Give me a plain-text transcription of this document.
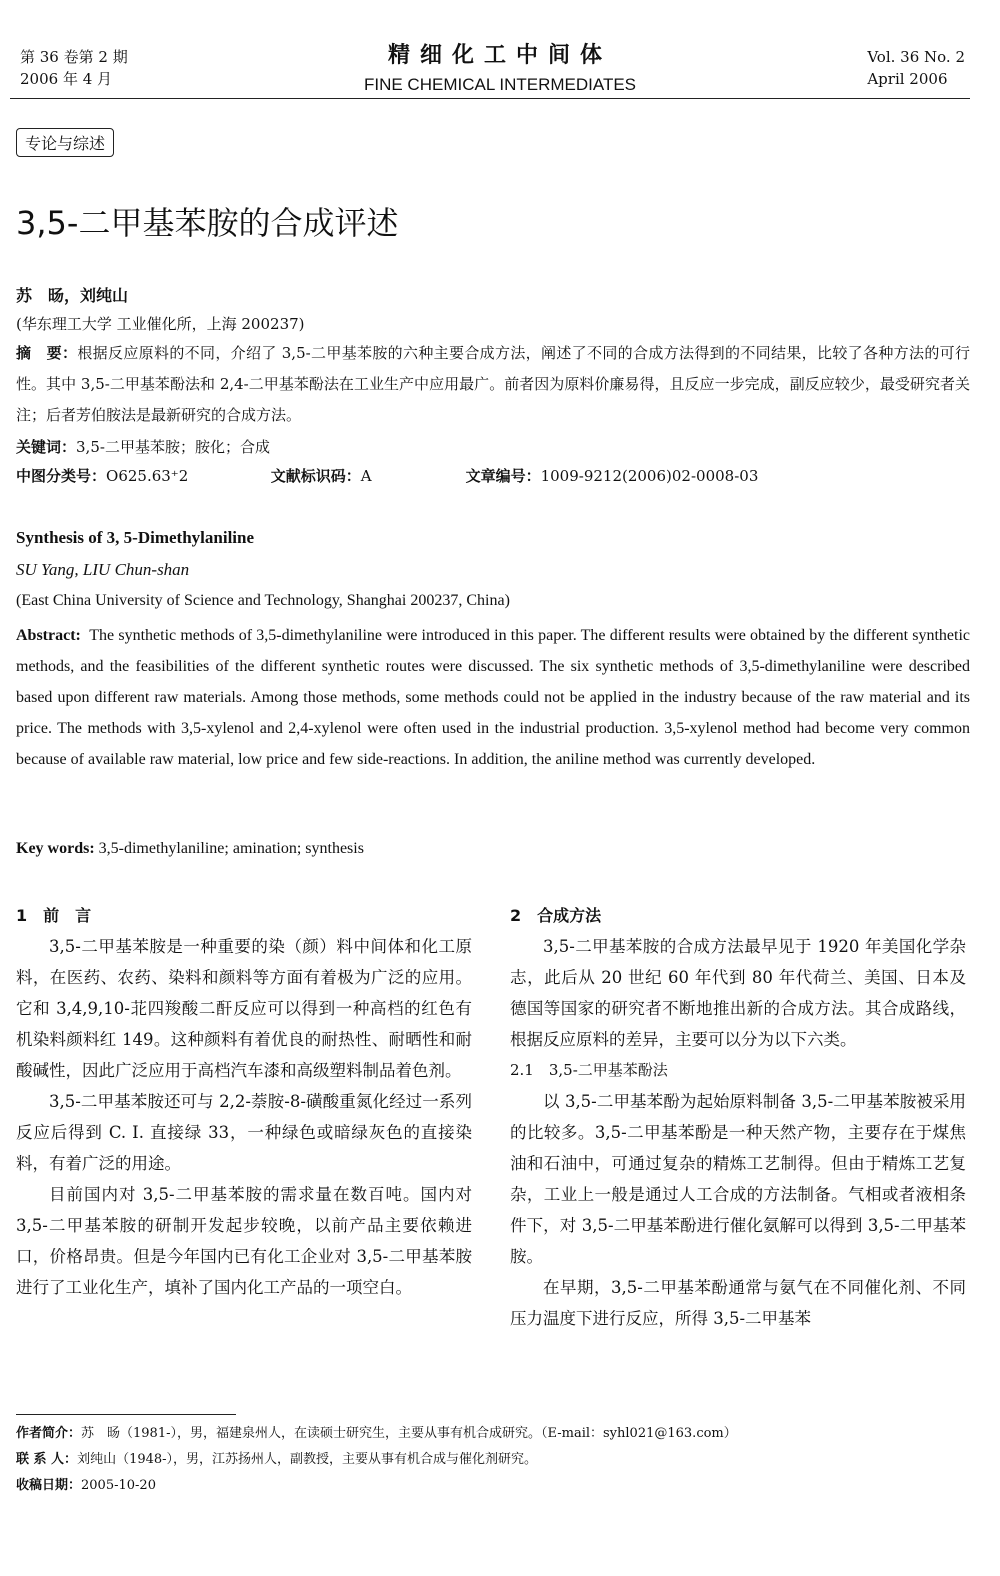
第 36 卷第 2 期
2006 年 4 月
精细化工中间体
FINE CHEMICAL INTERMEDIATES
Vol. 36 No. 2
April 2006
专论与综述
3,5-二甲基苯胺的合成评述
苏　旸，刘纯山
(华东理工大学 工业催化所，上海 200237)
摘　要：根据反应原料的不同，介绍了 3,5-二甲基苯胺的六种主要合成方法，阐述了不同的合成方法得到的不同结果，比较了各种方法的可行性。其中 3,5-二甲基苯酚法和 2,4-二甲基苯酚法在工业生产中应用最广。前者因为原料价廉易得，且反应一步完成，副反应较少，最受研究者关注；后者芳伯胺法是最新研究的合成方法。
关键词：3,5-二甲基苯胺；胺化；合成
中图分类号：O625.63⁺2	文献标识码：A	文章编号：1009-9212(2006)02-0008-03
Synthesis of 3, 5-Dimethylaniline
SU Yang, LIU Chun-shan
(East China University of Science and Technology, Shanghai 200237, China)
Abstract: The synthetic methods of 3,5-dimethylaniline were introduced in this paper. The different results were obtained by the different synthetic methods, and the feasibilities of the different synthetic routes were discussed. The six synthetic methods of 3,5-dimethylaniline were described based upon different raw materials. Among those methods, some methods could not be applied in the industry because of the raw material and its price. The methods with 3,5-xylenol and 2,4-xylenol were often used in the industrial production. 3,5-xylenol method had become very common because of available raw material, low price and few side-reactions. In addition, the aniline method was currently developed.
Key words: 3,5-dimethylaniline; amination; synthesis
1　前　言

3,5-二甲基苯胺是一种重要的染（颜）料中间体和化工原料，在医药、农药、染料和颜料等方面有着极为广泛的应用。它和 3,4,9,10-苝四羧酸二酐反应可以得到一种高档的红色有机染料颜料红 149。这种颜料有着优良的耐热性、耐晒性和耐酸碱性，因此广泛应用于高档汽车漆和高级塑料制品着色剂。

3,5-二甲基苯胺还可与 2,2-萘胺-8-磺酸重氮化经过一系列反应后得到 C. I. 直接绿 33，一种绿色或暗绿灰色的直接染料，有着广泛的用途。

目前国内对 3,5-二甲基苯胺的需求量在数百吨。国内对 3,5-二甲基苯胺的研制开发起步较晚，以前产品主要依赖进口，价格昂贵。但是今年国内已有化工企业对 3,5-二甲基苯胺进行了工业化生产，填补了国内化工产品的一项空白。

2　合成方法

3,5-二甲基苯胺的合成方法最早见于 1920 年美国化学杂志，此后从 20 世纪 60 年代到 80 年代荷兰、美国、日本及德国等国家的研究者不断地推出新的合成方法。其合成路线，根据反应原料的差异，主要可以分为以下六类。

2.1　3,5-二甲基苯酚法

以 3,5-二甲基苯酚为起始原料制备 3,5-二甲基苯胺被采用的比较多。3,5-二甲基苯酚是一种天然产物，主要存在于煤焦油和石油中，可通过复杂的精炼工艺制得。但由于精炼工艺复杂，工业上一般是通过人工合成的方法制备。气相或者液相条件下，对 3,5-二甲基苯酚进行催化氨解可以得到 3,5-二甲基苯胺。

在早期，3,5-二甲基苯酚通常与氨气在不同催化剂、不同压力温度下进行反应，所得 3,5-二甲基苯

作者简介：苏　旸（1981-），男，福建泉州人，在读硕士研究生，主要从事有机合成研究。（E-mail：syhl021@163.com）
联 系 人：刘纯山（1948-），男，江苏扬州人，副教授，主要从事有机合成与催化剂研究。
收稿日期：2005-10-20
